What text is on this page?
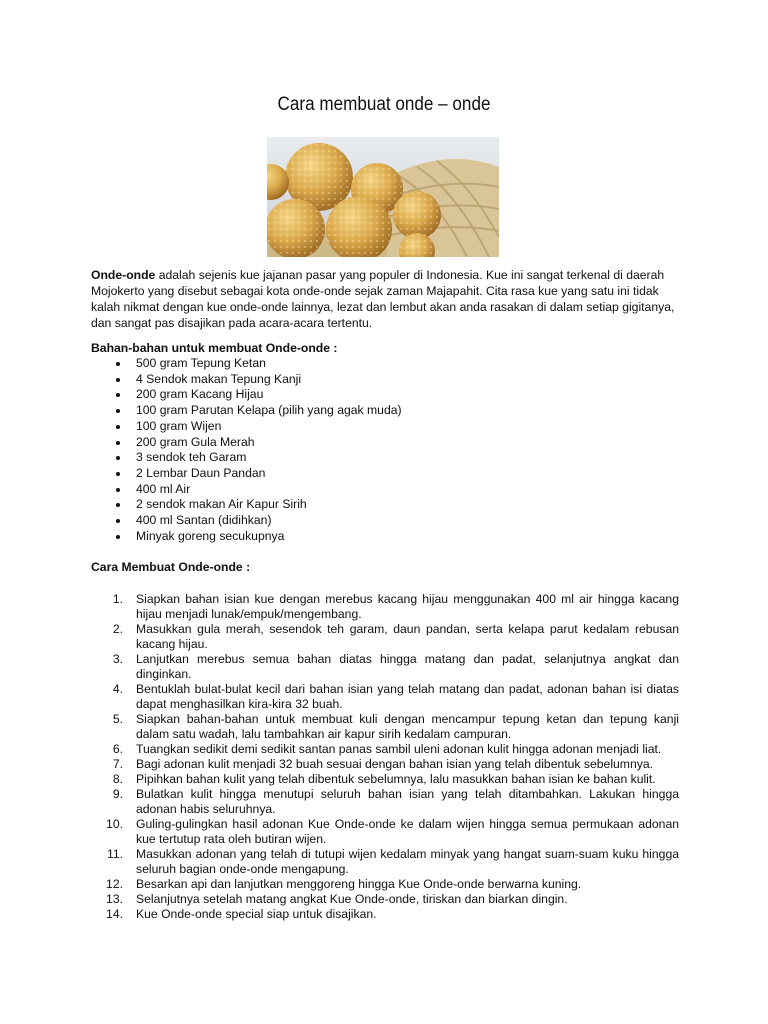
Cara membuat onde – onde

Onde-onde adalah sejenis kue jajanan pasar yang populer di Indonesia. Kue ini sangat terkenal di daerah Mojokerto yang disebut sebagai kota onde-onde sejak zaman Majapahit. Cita rasa kue yang satu ini tidak kalah nikmat dengan kue onde-onde lainnya, lezat dan lembut akan anda rasakan di dalam setiap gigitanya, dan sangat pas disajikan pada acara-acara tertentu.

Bahan-bahan untuk membuat Onde-onde :
500 gram Tepung Ketan
4 Sendok makan Tepung Kanji
200 gram Kacang Hijau
100 gram Parutan Kelapa (pilih yang agak muda)
100 gram Wijen
200 gram Gula Merah
3 sendok teh Garam
2 Lembar Daun Pandan
400 ml Air
2 sendok makan Air Kapur Sirih
400 ml Santan (didihkan)
Minyak goreng secukupnya
Cara Membuat Onde-onde :
1. Siapkan bahan isian kue dengan merebus kacang hijau menggunakan 400 ml air hingga kacang hijau menjadi lunak/empuk/mengembang.
2. Masukkan gula merah, sesendok teh garam, daun pandan, serta kelapa parut kedalam rebusan kacang hijau.
3. Lanjutkan merebus semua bahan diatas hingga matang dan padat, selanjutnya angkat dan dinginkan.
4. Bentuklah bulat-bulat kecil dari bahan isian yang telah matang dan padat, adonan bahan isi diatas dapat menghasilkan kira-kira 32 buah.
5. Siapkan bahan-bahan untuk membuat kuli dengan mencampur tepung ketan dan tepung kanji dalam satu wadah, lalu tambahkan air kapur sirih kedalam campuran.
6. Tuangkan sedikit demi sedikit santan panas sambil uleni adonan kulit hingga adonan menjadi liat.
7. Bagi adonan kulit menjadi 32 buah sesuai dengan bahan isian yang telah dibentuk sebelumnya.
8. Pipihkan bahan kulit yang telah dibentuk sebelumnya, lalu masukkan bahan isian ke bahan kulit.
9. Bulatkan kulit hingga menutupi seluruh bahan isian yang telah ditambahkan. Lakukan hingga adonan habis seluruhnya.
10. Guling-gulingkan hasil adonan Kue Onde-onde ke dalam wijen hingga semua permukaan adonan kue tertutup rata oleh butiran wijen.
11. Masukkan adonan yang telah di tutupi wijen kedalam minyak yang hangat suam-suam kuku hingga seluruh bagian onde-onde mengapung.
12. Besarkan api dan lanjutkan menggoreng hingga Kue Onde-onde berwarna kuning.
13. Selanjutnya setelah matang angkat Kue Onde-onde, tiriskan dan biarkan dingin.
14. Kue Onde-onde special siap untuk disajikan.
